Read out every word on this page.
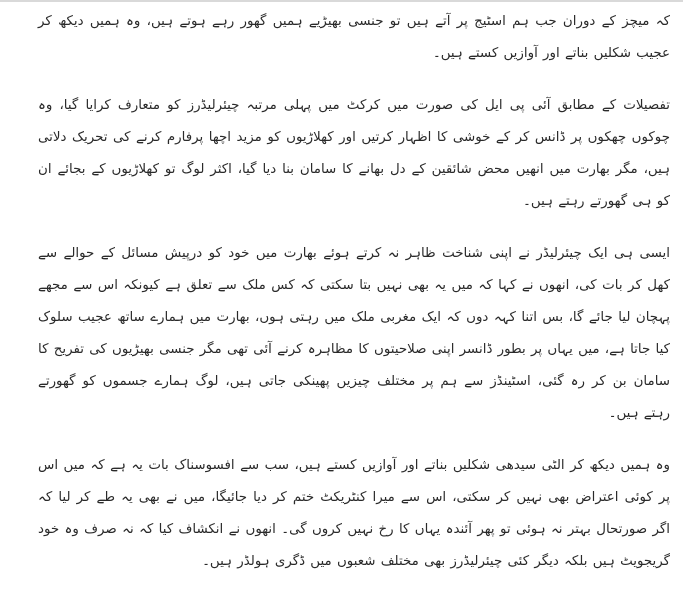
کہ میچز کے دوران جب ہم اسٹیج پر آتے ہیں تو جنسی بھیڑیے ہمیں گھور رہے ہوتے ہیں، وہ ہمیں دیکھ کر عجیب شکلیں بناتے اور آوازیں کستے ہیں۔

تفصیلات کے مطابق آئی پی ایل کی صورت میں کرکٹ میں پہلی مرتبہ چیئرلیڈرز کو متعارف کرایا گیا، وہ چوکوں چھکوں پر ڈانس کر کے خوشی کا اظہار کرتیں اور کھلاڑیوں کو مزید اچھا پرفارم کرنے کی تحریک دلاتی ہیں، مگر بھارت میں انھیں محض شائقین کے دل بھانے کا سامان بنا دیا گیا، اکثر لوگ تو کھلاڑیوں کے بجائے ان کو ہی گھورتے رہتے ہیں۔

ایسی ہی ایک چیئرلیڈر نے اپنی شناخت ظاہر نہ کرتے ہوئے بھارت میں خود کو درپیش مسائل کے حوالے سے کھل کر بات کی، انھوں نے کہا کہ میں یہ بھی نہیں بتا سکتی کہ کس ملک سے تعلق ہے کیونکہ اس سے مجھے پہچان لیا جائے گا، بس اتنا کہہ دوں کہ ایک مغربی ملک میں رہتی ہوں، بھارت میں ہمارے ساتھ عجیب سلوک کیا جاتا ہے، میں یہاں پر بطور ڈانسر اپنی صلاحیتوں کا مظاہرہ کرنے آئی تھی مگر جنسی بھیڑیوں کی تفریح کا سامان بن کر رہ گئی، اسٹینڈز سے ہم پر مختلف چیزیں پھینکی جاتی ہیں، لوگ ہمارے جسموں کو گھورتے رہتے ہیں۔

وہ ہمیں دیکھ کر الٹی سیدھی شکلیں بناتے اور آوازیں کستے ہیں، سب سے افسوسناک بات یہ ہے کہ میں اس پر کوئی اعتراض بھی نہیں کر سکتی، اس سے میرا کنٹریکٹ ختم کر دیا جائیگا، میں نے بھی یہ طے کر لیا کہ اگر صورتحال بہتر نہ ہوئی تو پھر آئندہ یہاں کا رخ نہیں کروں گی۔ انھوں نے انکشاف کیا کہ نہ صرف وہ خود گریجویٹ ہیں بلکہ دیگر کئی چیئرلیڈرز بھی مختلف شعبوں میں ڈگری ہولڈر ہیں۔
